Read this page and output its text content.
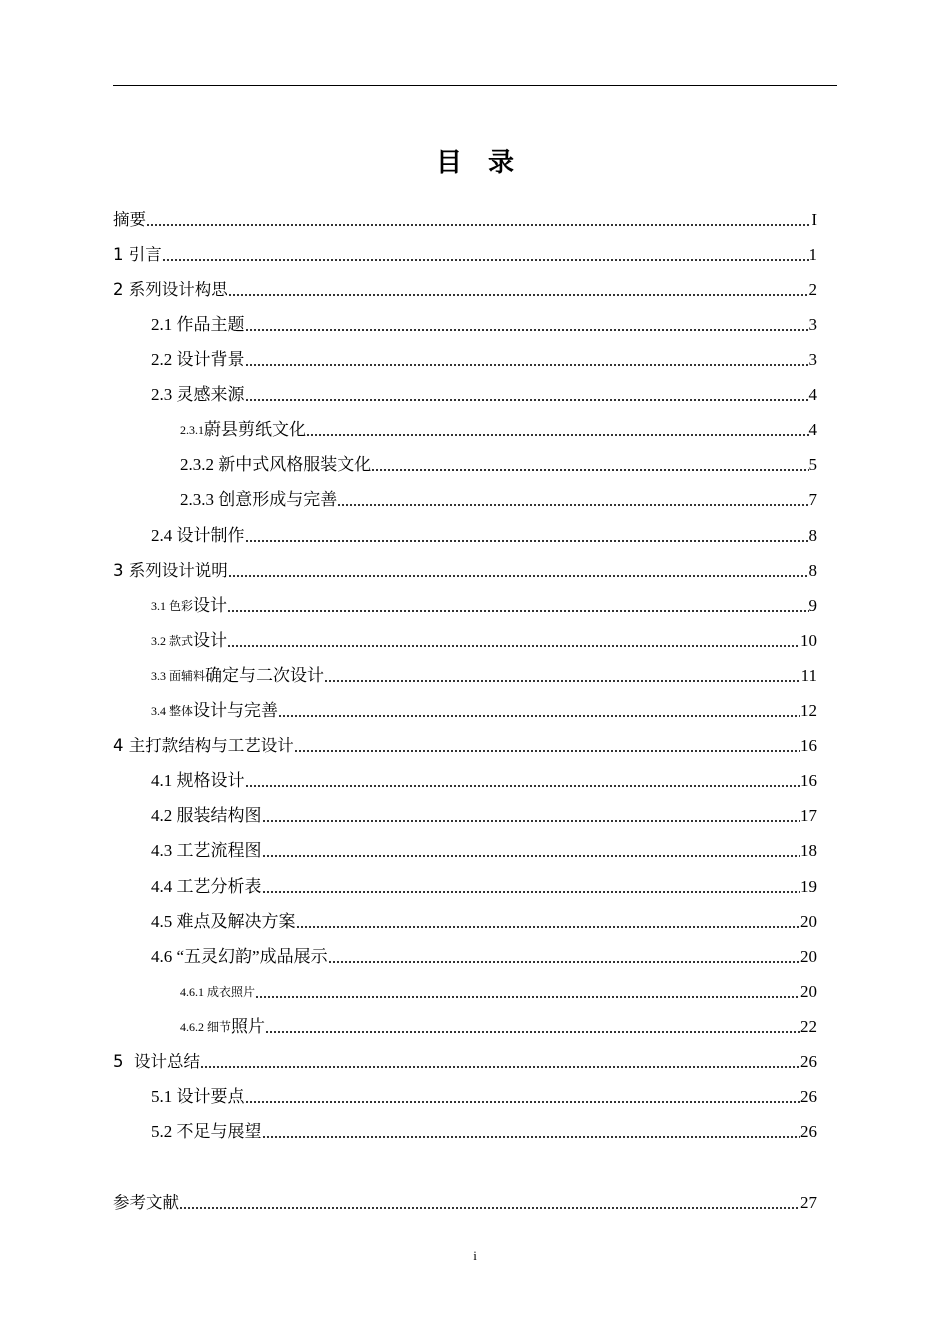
目　录
摘要	I
1 引言	1
2 系列设计构思	2
2.1 作品主题	3
2.2 设计背景	3
2.3 灵感来源	4
2.3.1 蔚县剪纸文化	4
2.3.2 新中式风格服装文化	5
2.3.3 创意形成与完善	7
2.4 设计制作	8
3 系列设计说明	8
3.1 色彩 设计	9
3.2 款式 设计	10
3.3 面辅料 确定与二次设计	11
3.4 整体 设计与完善	12
4 主打款结构与工艺设计	16
4.1 规格设计	16
4.2 服装结构图	17
4.3 工艺流程图	18
4.4 工艺分析表	19
4.5 难点及解决方案	20
4.6 “五灵幻韵”成品展示	20
4.6.1 成衣照片	20
4.6.2 细节 照片	22
5  设计总结	26
5.1 设计要点	26
5.2 不足与展望	26
参考文献	27
i
